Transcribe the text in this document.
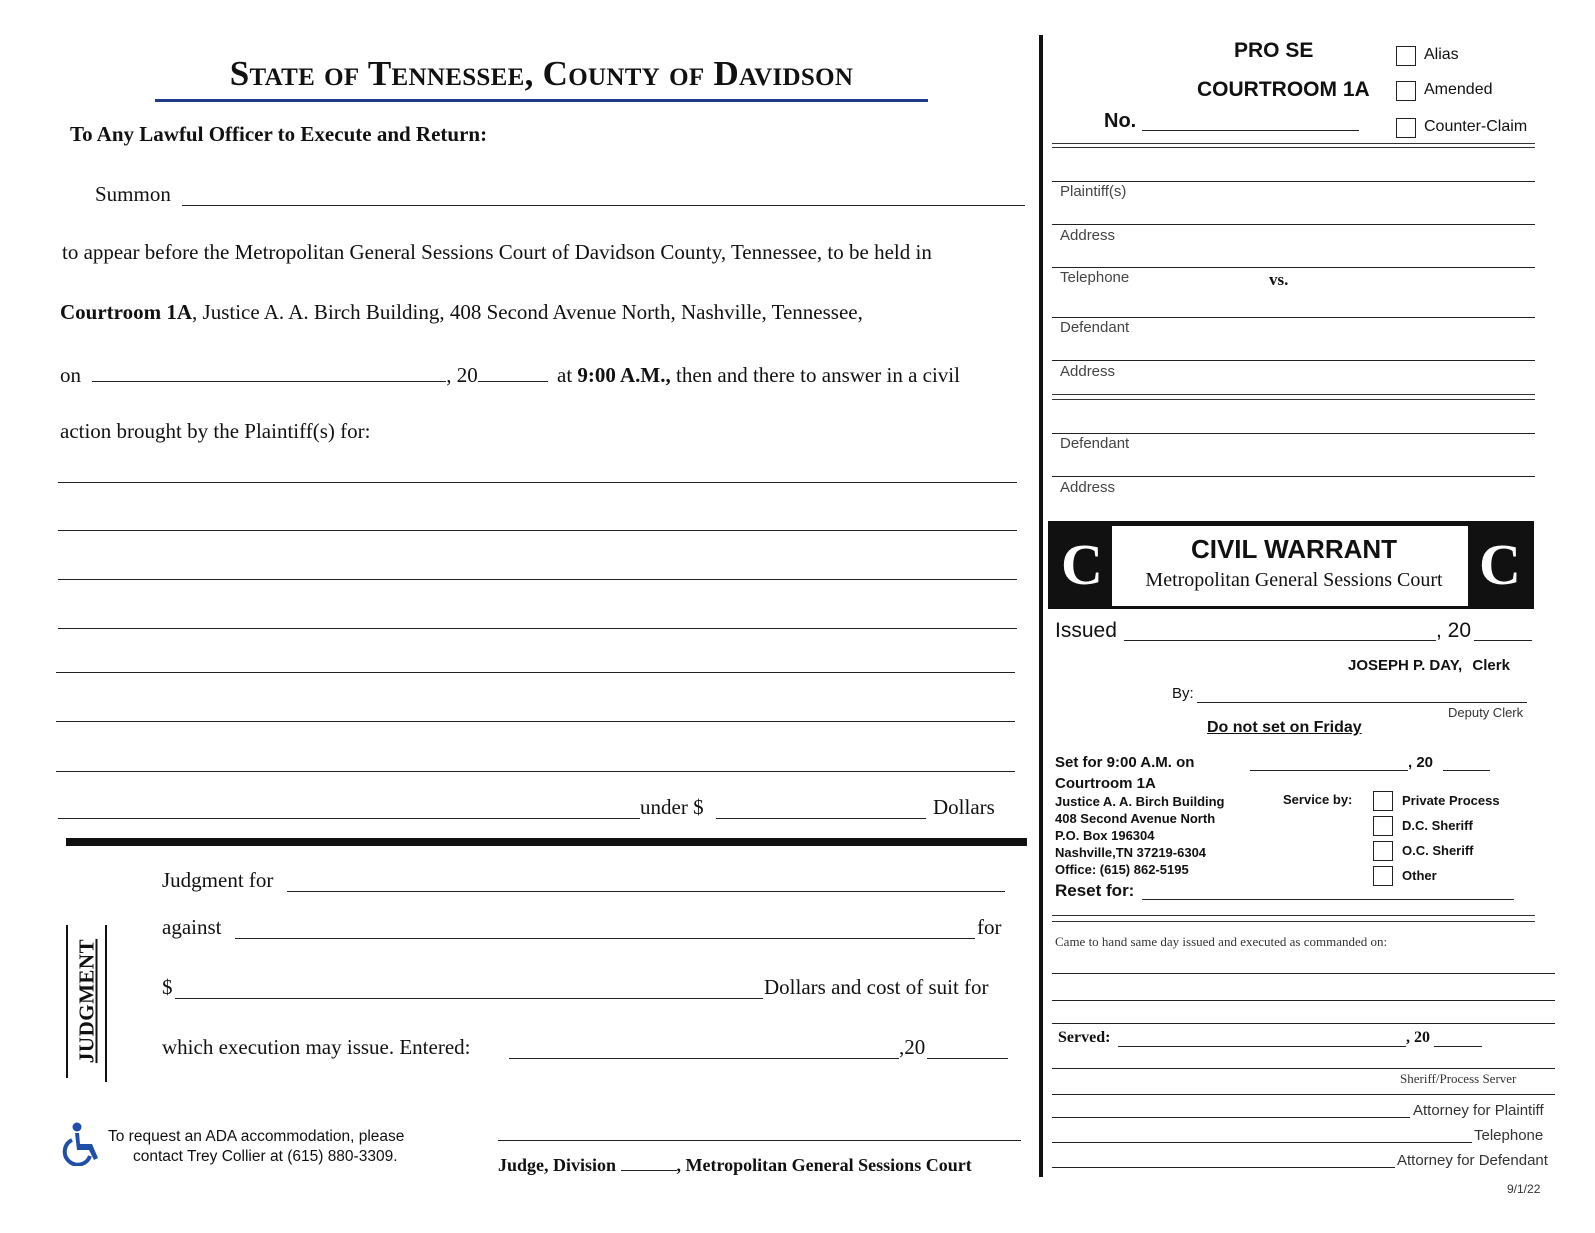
State of Tennessee, County of Davidson
To Any Lawful Officer to Execute and Return:
Summon
to appear before the Metropolitan General Sessions Court of Davidson County, Tennessee, to be held in
Courtroom 1A, Justice A. A. Birch Building, 408 Second Avenue North, Nashville, Tennessee,
on	, 20	at 9:00 A.M., then and there to answer in a civil
action brought by the Plaintiff(s) for:
under $	Dollars
JUDGMENT
Judgment for
against	for
$	Dollars and cost of suit for
which execution may issue. Entered:	,20
To request an ADA accommodation, please
contact Trey Collier at (615) 880-3309.	Judge, Division	, Metropolitan General Sessions Court
PRO SE
COURTROOM 1A
No.
Alias
Amended
Counter-Claim
Plaintiff(s)
Address
Telephone	vs.
Defendant
Address
Defendant
Address
C	C
CIVIL WARRANT
Metropolitan General Sessions Court
Issued	, 20
JOSEPH P. DAY, Clerk
By:
Deputy Clerk
Do not set on Friday
Set for 9:00 A.M. on	, 20
Courtroom 1A
Justice A. A. Birch Building
408 Second Avenue North
P.O. Box 196304
Nashville,TN 37219-6304
Office: (615) 862-5195
Service by:	Private Process
D.C. Sheriff
O.C. Sheriff
Other
Reset for:
Came to hand same day issued and executed as commanded on:
Served:	, 20
Sheriff/Process Server
Attorney for Plaintiff
Telephone
Attorney for Defendant
9/1/22
